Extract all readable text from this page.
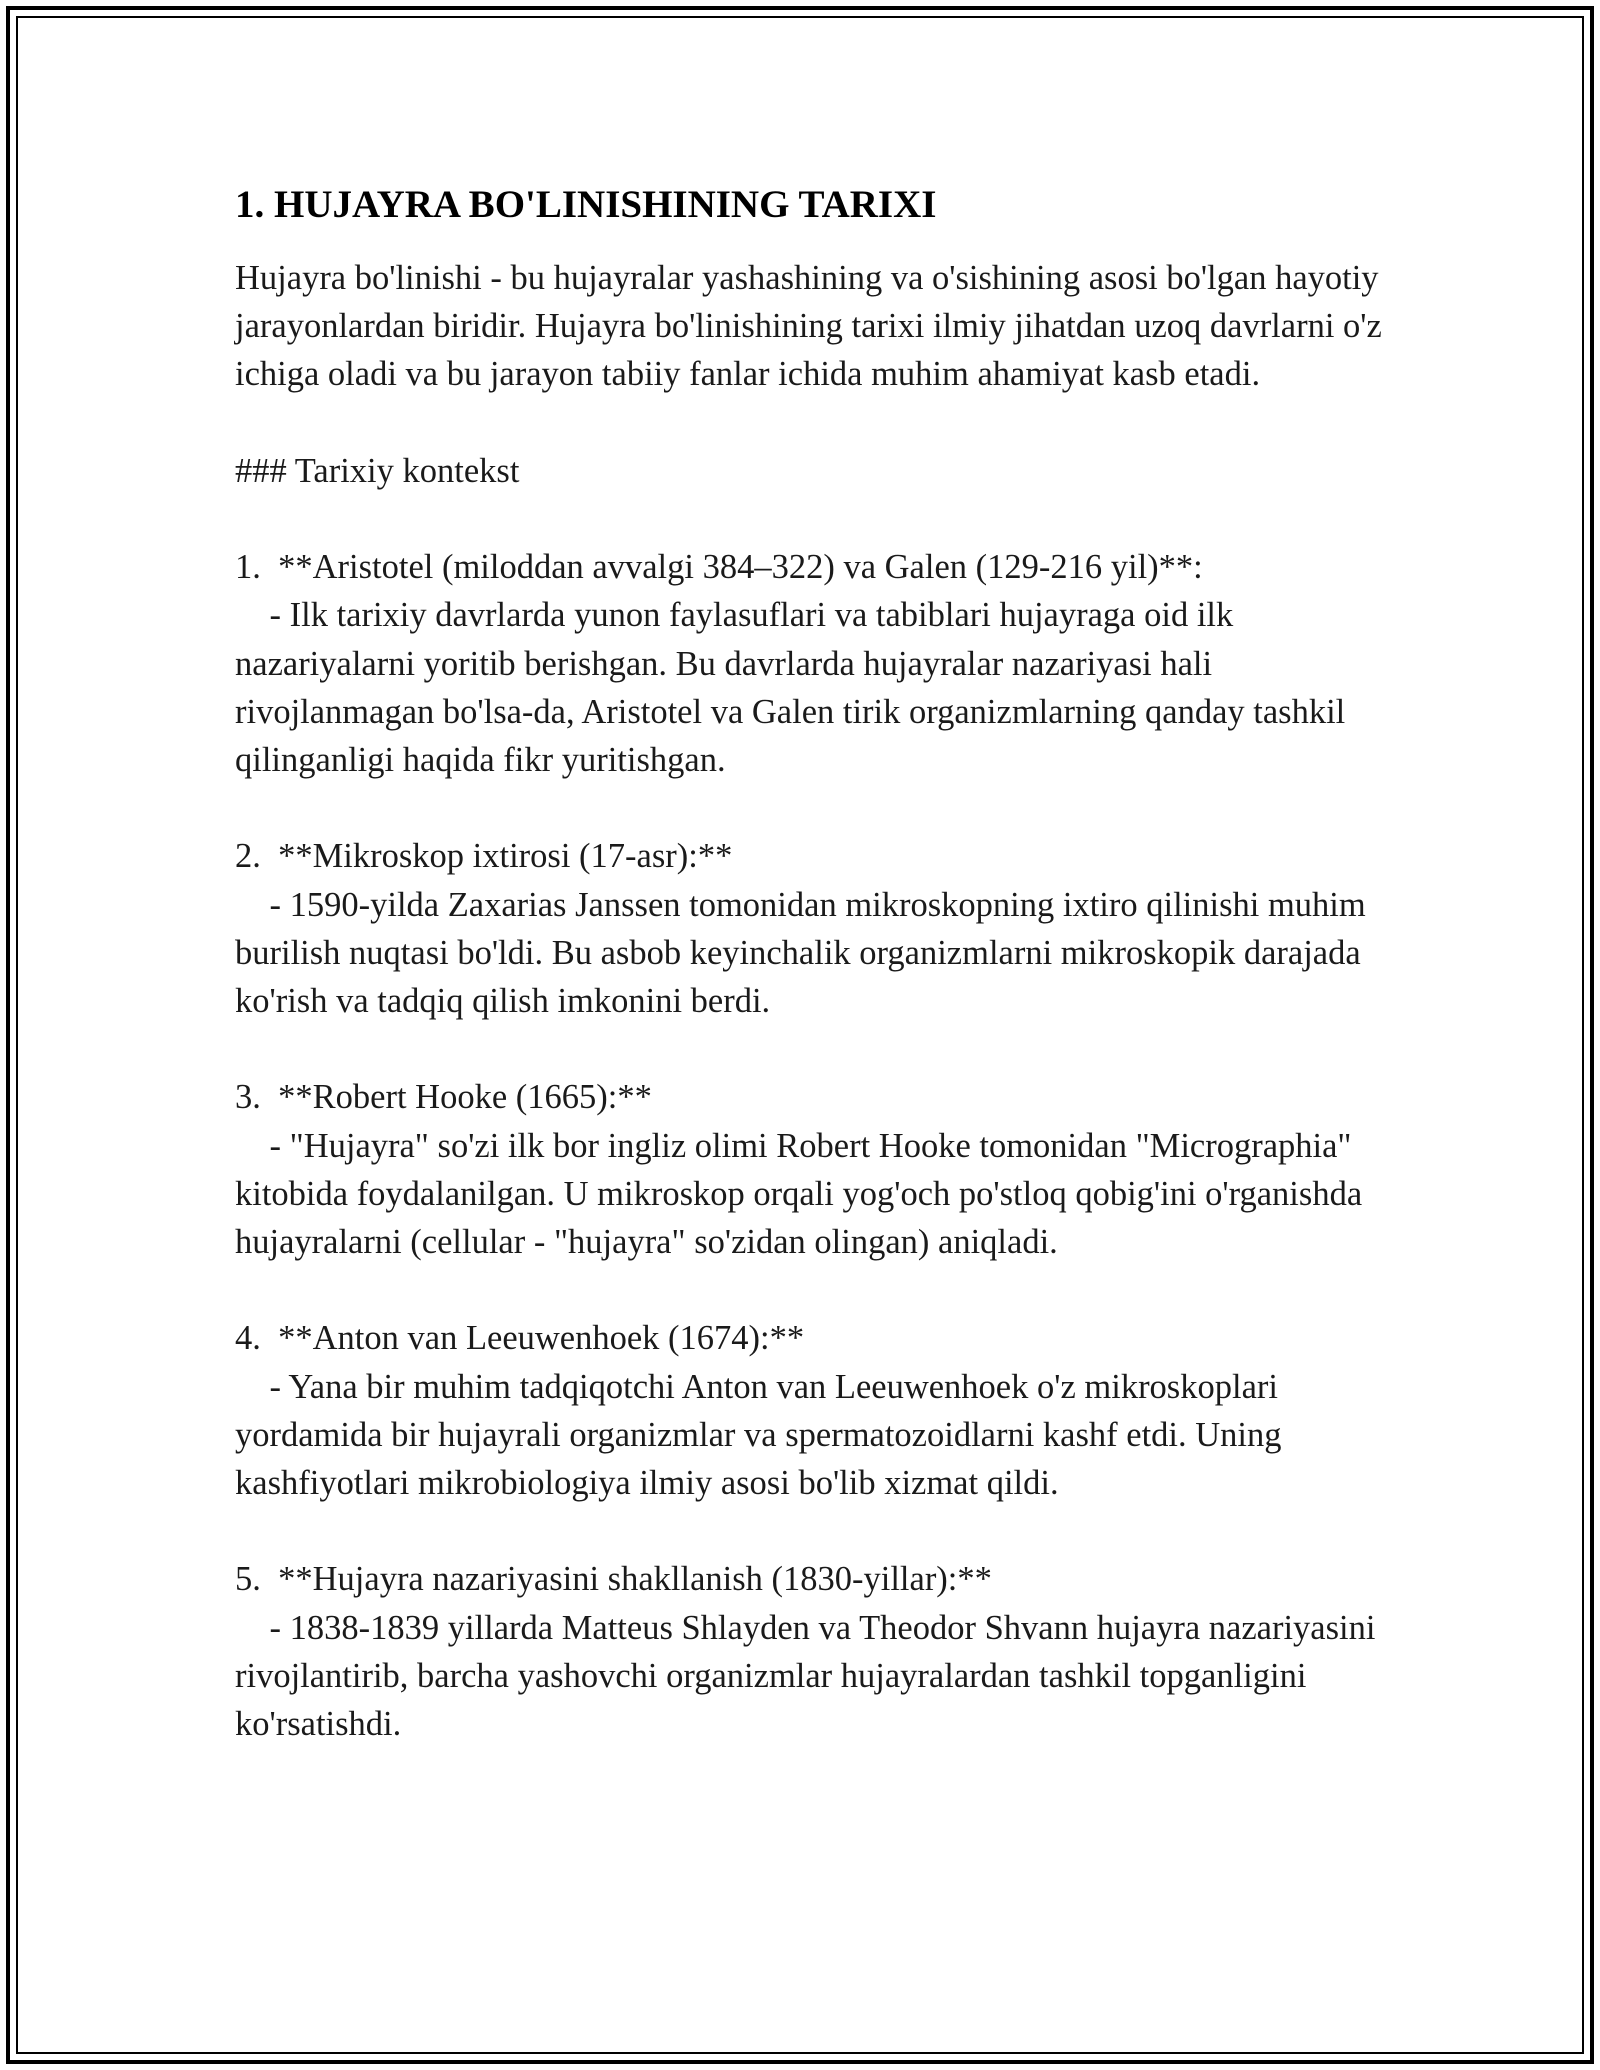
1. HUJAYRA BO'LINISHINING TARIXI

Hujayra bo'linishi - bu hujayralar yashashining va o'sishining asosi bo'lgan hayotiy jarayonlardan biridir. Hujayra bo'linishining tarixi ilmiy jihatdan uzoq davrlarni o'z ichiga oladi va bu jarayon tabiiy fanlar ichida muhim ahamiyat kasb etadi.

### Tarixiy kontekst

1.  **Aristotel (miloddan avvalgi 384–322) va Galen (129-216 yil)**:

- Ilk tarixiy davrlarda yunon faylasuflari va tabiblari hujayraga oid ilk nazariyalarni yoritib berishgan. Bu davrlarda hujayralar nazariyasi hali rivojlanmagan bo'lsa-da, Aristotel va Galen tirik organizmlarning qanday tashkil qilinganligi haqida fikr yuritishgan.

2.  **Mikroskop ixtirosi (17-asr):**

- 1590-yilda Zaxarias Janssen tomonidan mikroskopning ixtiro qilinishi muhim burilish nuqtasi bo'ldi. Bu asbob keyinchalik organizmlarni mikroskopik darajada ko'rish va tadqiq qilish imkonini berdi.

3.  **Robert Hooke (1665):**

- "Hujayra" so'zi ilk bor ingliz olimi Robert Hooke tomonidan "Micrographia" kitobida foydalanilgan. U mikroskop orqali yog'och po'stloq qobig'ini o'rganishda hujayralarni (cellular - "hujayra" so'zidan olingan) aniqladi.

4.  **Anton van Leeuwenhoek (1674):**

- Yana bir muhim tadqiqotchi Anton van Leeuwenhoek o'z mikroskoplari yordamida bir hujayrali organizmlar va spermatozoidlarni kashf etdi. Uning kashfiyotlari mikrobiologiya ilmiy asosi bo'lib xizmat qildi.

5.  **Hujayra nazariyasini shakllanish (1830-yillar):**

- 1838-1839 yillarda Matteus Shlayden va Theodor Shvann hujayra nazariyasini rivojlantirib, barcha yashovchi organizmlar hujayralardan tashkil topganligini ko'rsatishdi.
